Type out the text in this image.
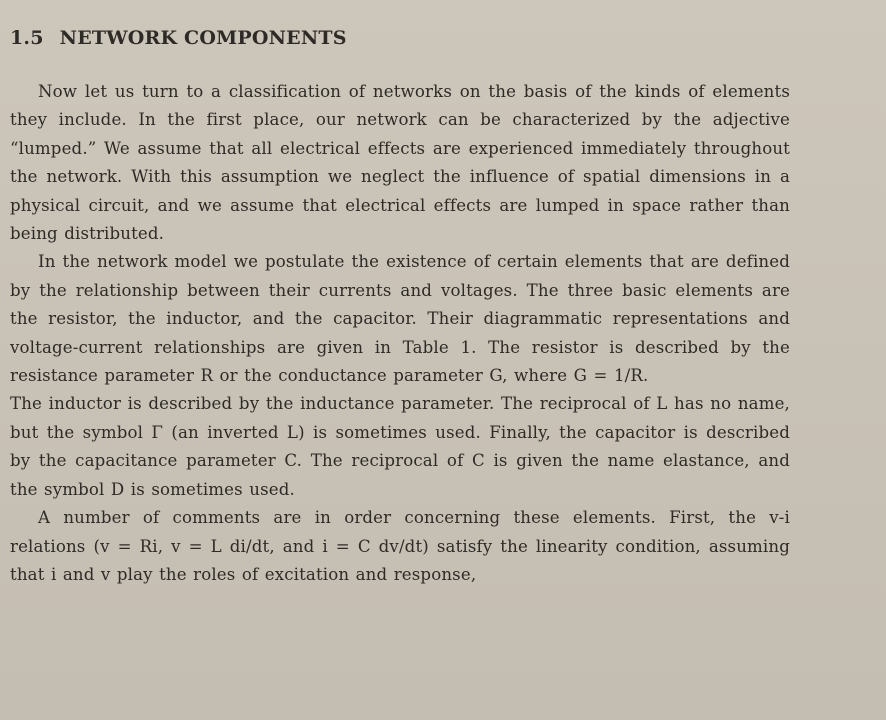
1.5 NETWORK COMPONENTS

Now let us turn to a classification of networks on the basis of the kinds of elements they include. In the first place, our network can be characterized by the adjective “lumped.” We assume that all electrical effects are experienced immediately throughout the network. With this assumption we neglect the influence of spatial dimensions in a physical circuit, and we assume that electrical effects are lumped in space rather than being distributed.

In the network model we postulate the existence of certain elements that are defined by the relationship between their currents and voltages. The three basic elements are the resistor, the inductor, and the capacitor. Their diagrammatic representations and voltage-current relationships are given in Table 1. The resistor is described by the resistance parameter R or the conductance parameter G, where G = 1/R.

The inductor is described by the inductance parameter. The reciprocal of L has no name, but the symbol Γ (an inverted L) is sometimes used. Finally, the capacitor is described by the capacitance parameter C. The reciprocal of C is given the name elastance, and the symbol D is sometimes used.

A number of comments are in order concerning these elements. First, the v-i relations (v = Ri, v = L di/dt, and i = C dv/dt) satisfy the linearity condition, assuming that i and v play the roles of excitation and response,
